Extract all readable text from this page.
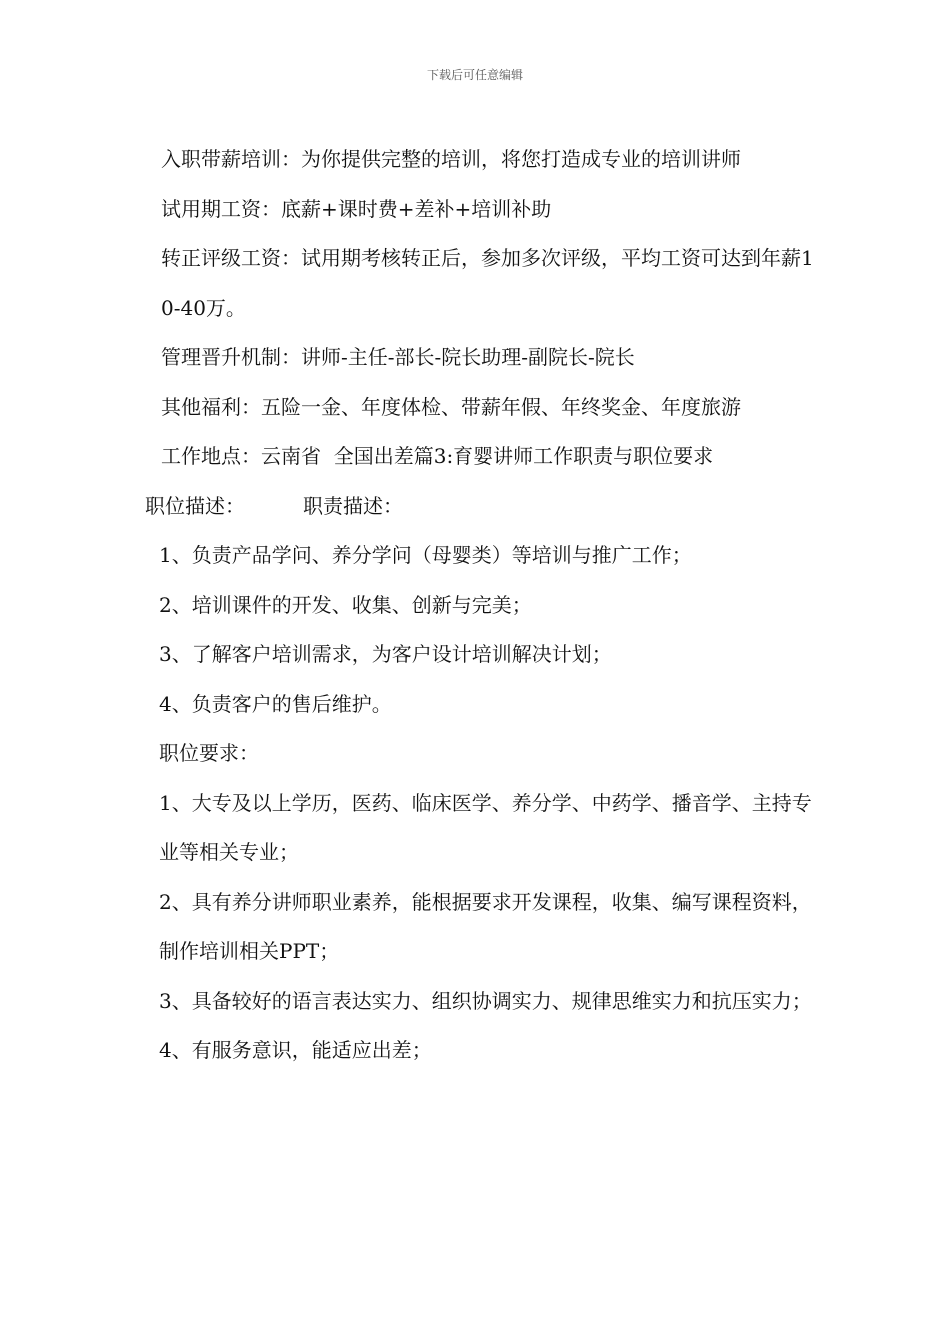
下载后可任意编辑

入职带薪培训：为你提供完整的培训，将您打造成专业的培训讲师

试用期工资：底薪+课时费+差补+培训补助

转正评级工资：试用期考核转正后，参加多次评级，平均工资可达到年薪10-40万。

管理晋升机制：讲师-主任-部长-院长助理-副院长-院长

其他福利：五险一金、年度体检、带薪年假、年终奖金、年度旅游

工作地点：云南省  全国出差篇3:育婴讲师工作职责与职位要求

职位描述：	职责描述：

1、负责产品学问、养分学问（母婴类）等培训与推广工作；

2、培训课件的开发、收集、创新与完美；

3、了解客户培训需求，为客户设计培训解决计划；

4、负责客户的售后维护。

职位要求：

1、大专及以上学历，医药、临床医学、养分学、中药学、播音学、主持专业等相关专业；

2、具有养分讲师职业素养，能根据要求开发课程，收集、编写课程资料，制作培训相关PPT；

3、具备较好的语言表达实力、组织协调实力、规律思维实力和抗压实力；

4、有服务意识，能适应出差；
